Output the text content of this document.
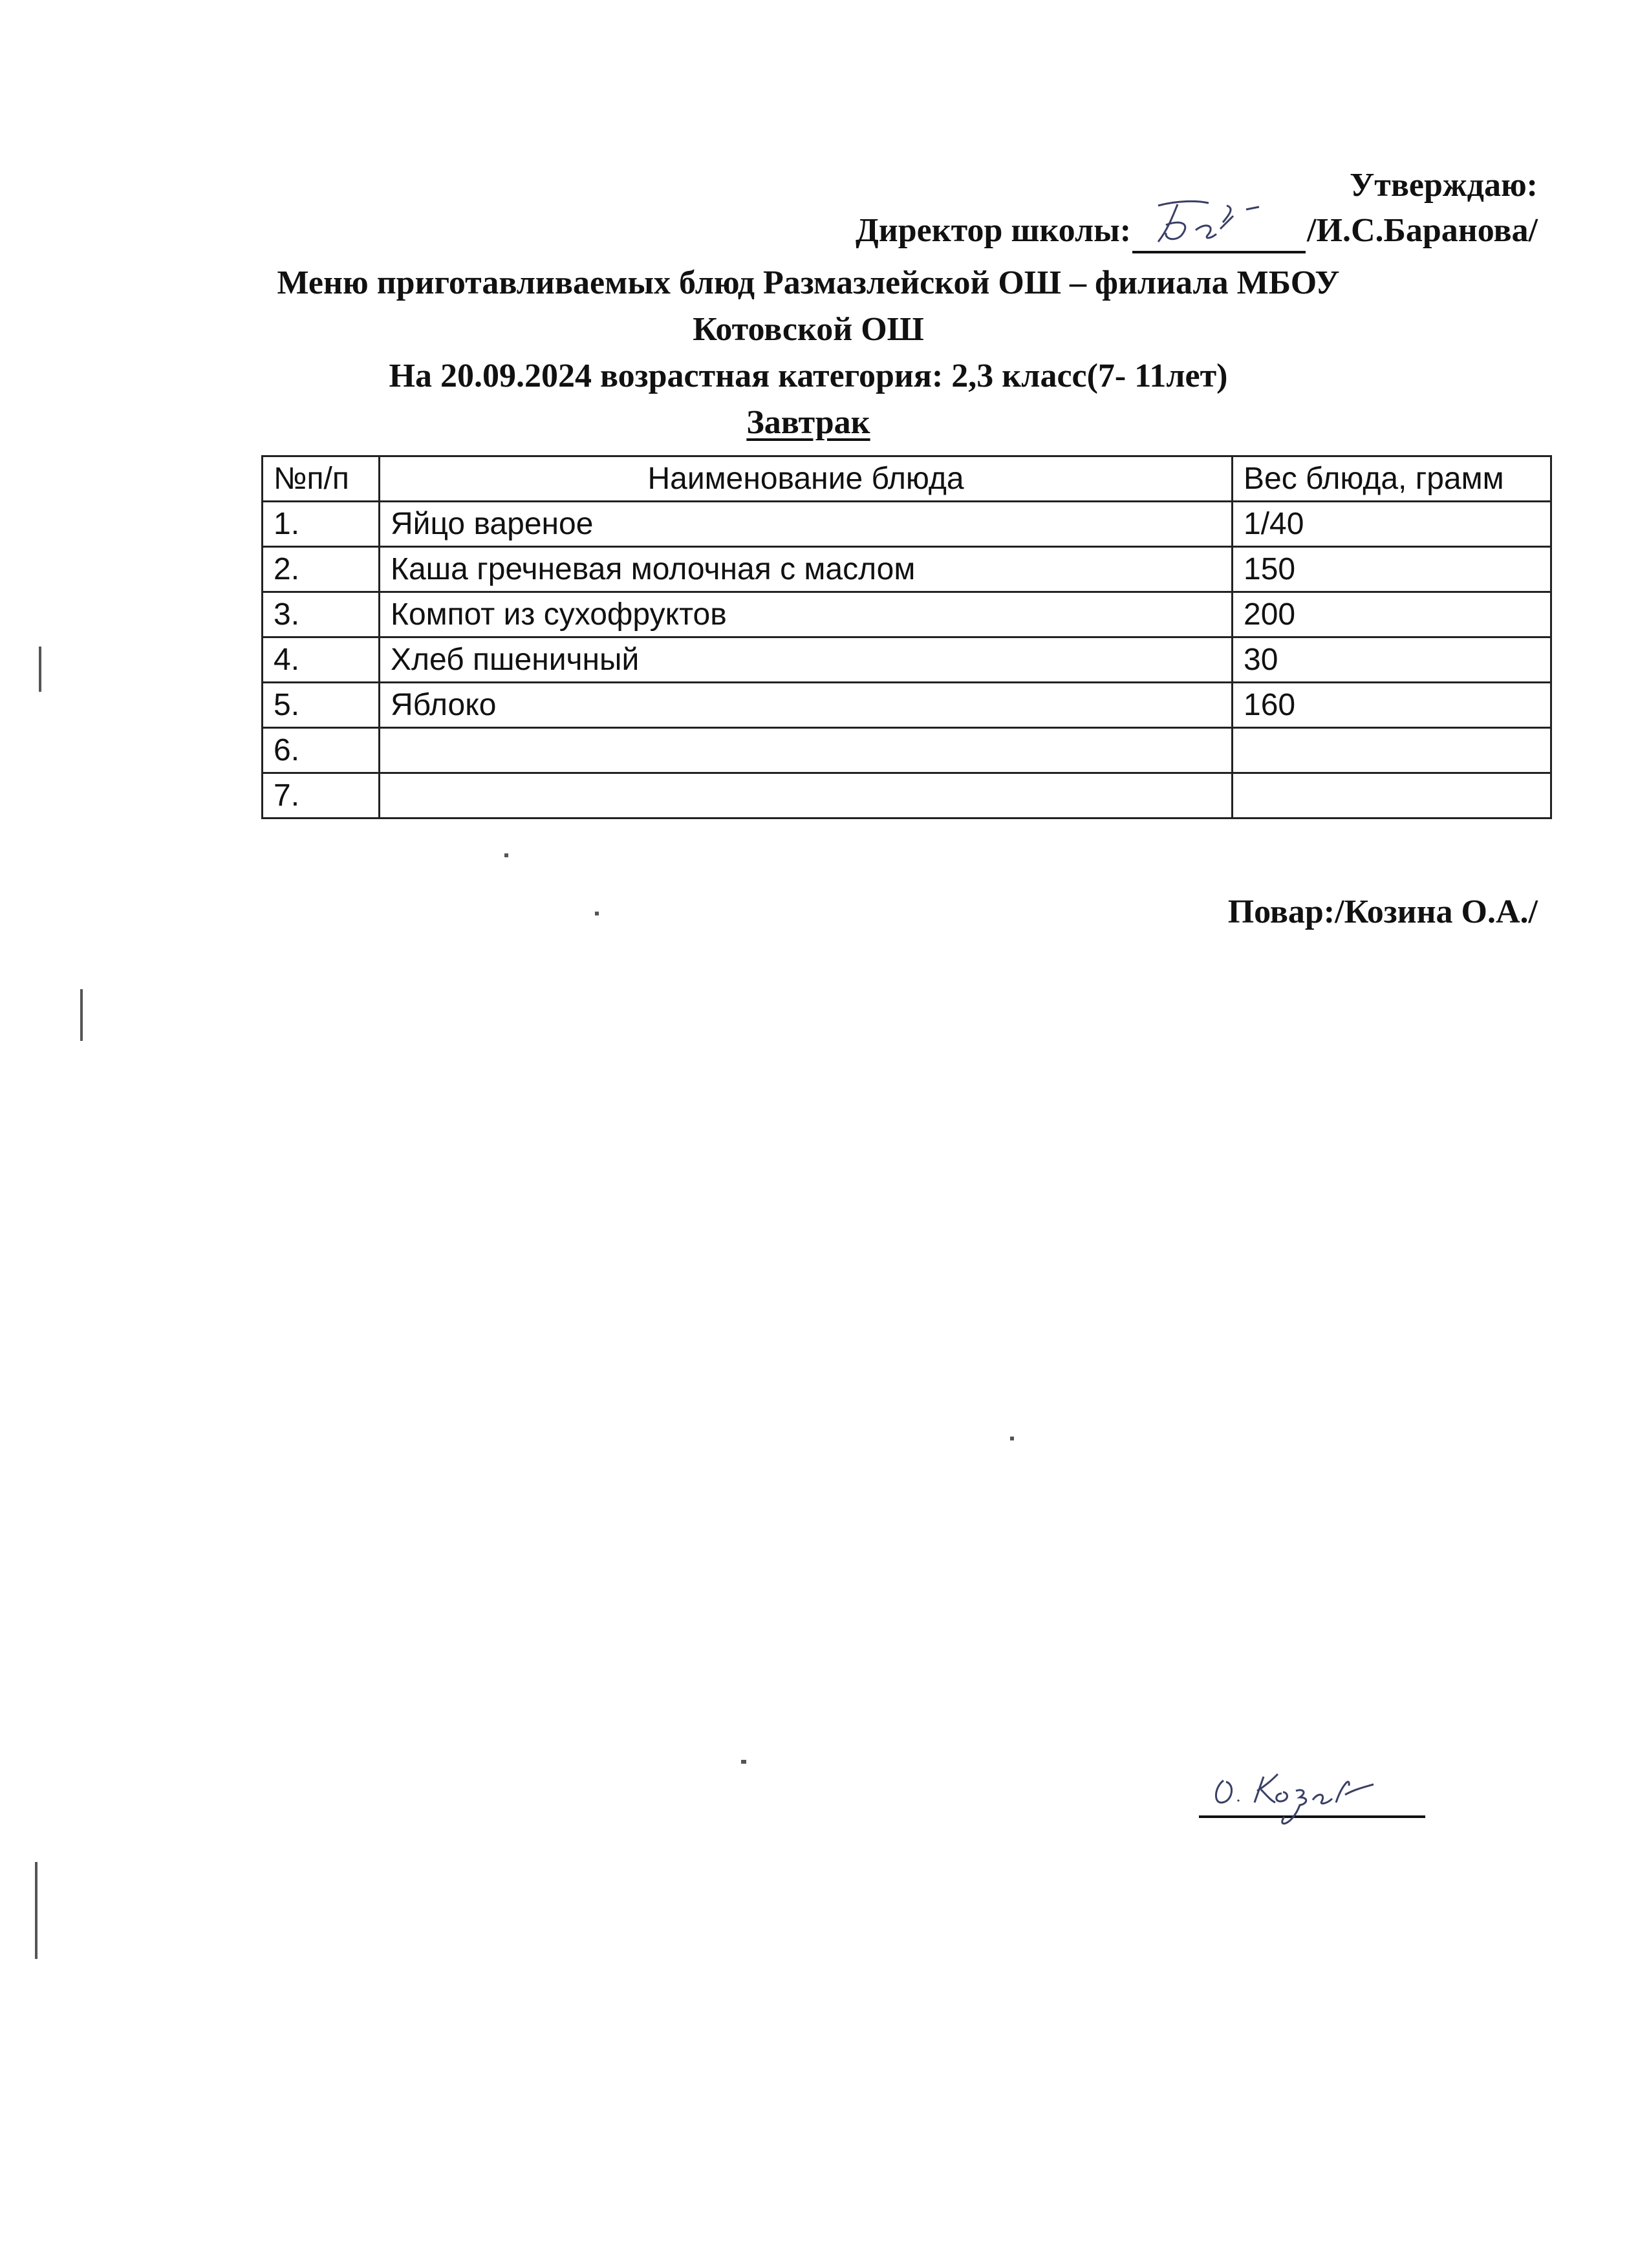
Утверждаю:
Директор школы:	/И.С.Баранова/
Меню приготавливаемых блюд Размазлейской ОШ – филиала МБОУ
Котовской ОШ
На 20.09.2024 возрастная категория: 2,3 класс(7- 11лет)
Завтрак
№п/п	Наименование блюда	Вес блюда, грамм
1.	Яйцо вареное	1/40
2.	Каша гречневая молочная с маслом	150
3.	Компот из сухофруктов	200
4.	Хлеб пшеничный	30
5.	Яблоко	160
6.		
7.		
Повар: /Козина О.А./
